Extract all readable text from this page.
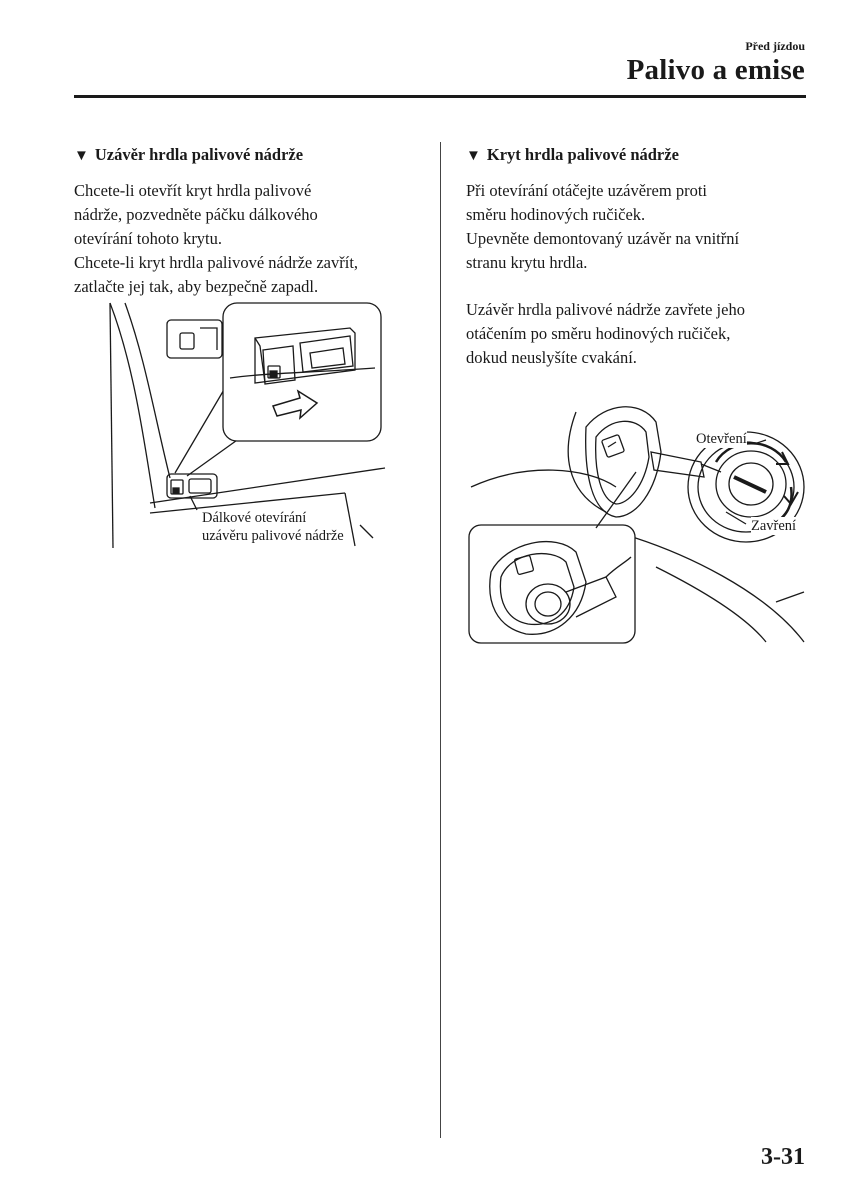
Před jízdou
Palivo a emise
▼ Uzávěr hrdla palivové nádrže
Chcete-li otevřít kryt hrdla palivové
nádrže, pozvedněte páčku dálkového
otevírání tohoto krytu.
Chcete-li kryt hrdla palivové nádrže zavřít,
zatlačte jej tak, aby bezpečně zapadl.
Dálkové otevírání
uzávěru palivové nádrže
▼ Kryt hrdla palivové nádrže
Při otevírání otáčejte uzávěrem proti
směru hodinových ručiček.
Upevněte demontovaný uzávěr na vnitřní
stranu krytu hrdla.
Uzávěr hrdla palivové nádrže zavřete jeho
otáčením po směru hodinových ručiček,
dokud neuslyšíte cvakání.
Otevření
Zavření
3-31
